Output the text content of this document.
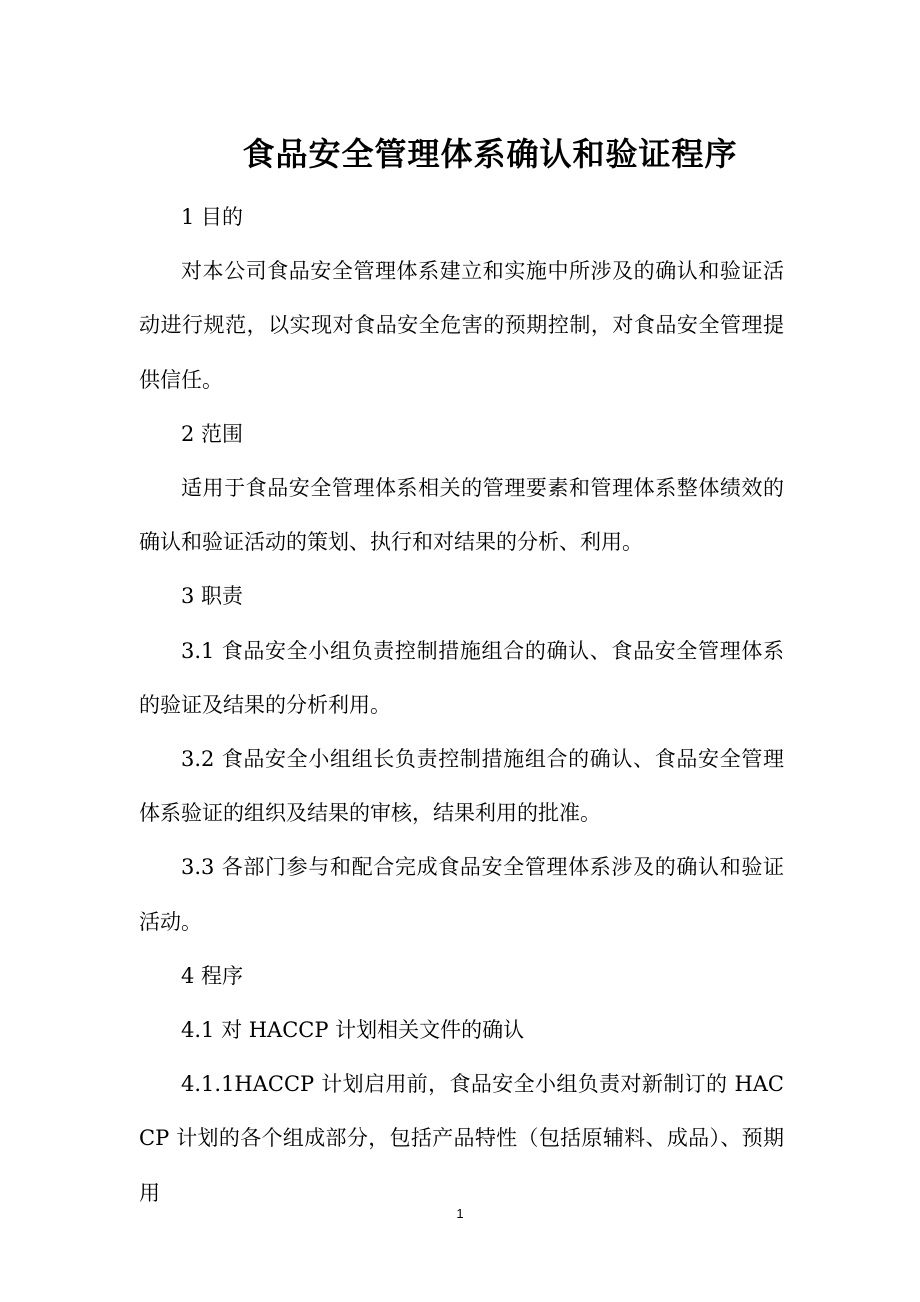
食品安全管理体系确认和验证程序

1 目的

对本公司食品安全管理体系建立和实施中所涉及的确认和验证活动进行规范，以实现对食品安全危害的预期控制，对食品安全管理提供信任。

2 范围

适用于食品安全管理体系相关的管理要素和管理体系整体绩效的确认和验证活动的策划、执行和对结果的分析、利用。

3 职责

3.1 食品安全小组负责控制措施组合的确认、食品安全管理体系的验证及结果的分析利用。

3.2 食品安全小组组长负责控制措施组合的确认、食品安全管理体系验证的组织及结果的审核，结果利用的批准。

3.3 各部门参与和配合完成食品安全管理体系涉及的确认和验证活动。

4 程序

4.1 对 HACCP 计划相关文件的确认

4.1.1HACCP 计划启用前，食品安全小组负责对新制订的 HACCP 计划的各个组成部分，包括产品特性（包括原辅料、成品）、预期用

1
